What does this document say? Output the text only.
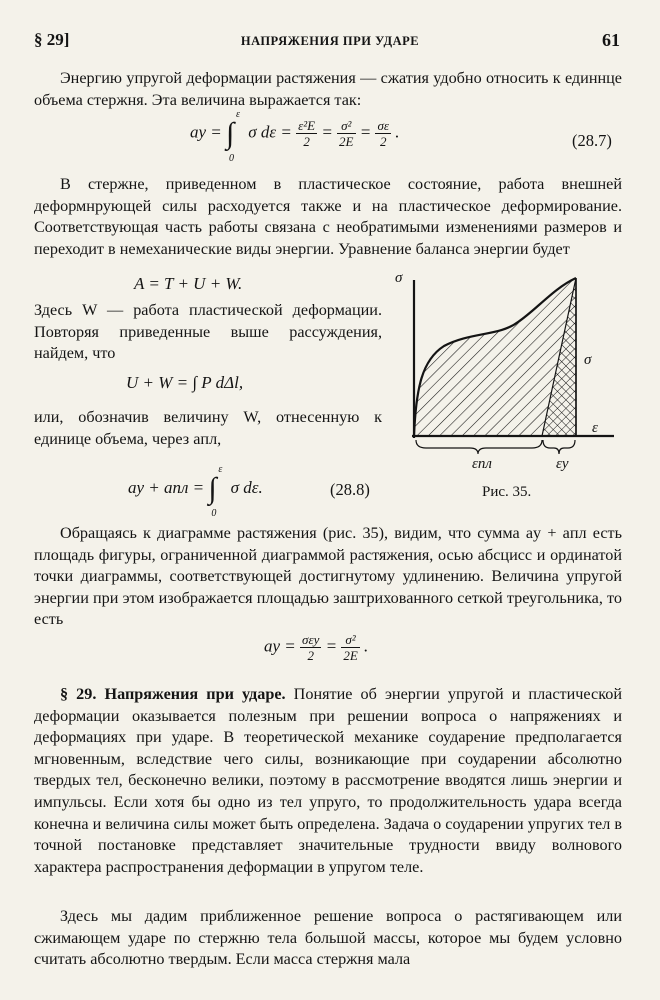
§ 29]	НАПРЯЖЕНИЯ ПРИ УДАРЕ	61

Энергию упругой деформации растяжения — сжатия удобно относить к единнце объема стержня. Эта величина выражается так:

aу = ∫
ε
0
σ $d\varepsilon = \frac{\text{ε²E}}{2} = \frac{\text{σ²}}{2E} = \frac{\sigma\varepsilon}{2}$ .	(28.7)

В стержне, приведенном в пластическое состояние, работа внешней деформнрующей силы расходуется также и на пластическое деформирование. Соответствующая часть работы связана с необратимыми изменениями размеров и переходит в немеханические виды энергии. Уравнение баланса энергии будет

A = T + U + W.

Здесь W — работа пластической деформации. Повторяя приведенные выше рассуждения, найдем, что

U + W = ∫ P dΔl,

или, обозначив величину W, отнесенную к единице объема, через aпл,

aу + aпл = ∫
ε
0
σ dε.	(28.8)
σ
ε
σ
εпл	εу
Рис. 35.

Обращаясь к диаграмме растяжения (рис. 35), видим, что сумма aу + aпл есть площадь фигуры, ограниченной диаграммой растяжения, осью абсцисс и ординатой точки диаграммы, соответствующей достигнутому удлинению. Величина упругой энергии при этом изображается площадью заштрихованного сеткой треугольника, то есть

aу = $\frac{\text{σεу}}{2} = \frac{\text{σ²}}{2E}$ .

§ 29. Напряжения при ударе. Понятие об энергии упругой и пластической деформации оказывается полезным при решении вопроса о напряжениях и деформациях при ударе. В теоретической механике соударение предполагается мгновенным, вследствие чего силы, возникающие при соударении абсолютно твердых тел, бесконечно велики, поэтому в рассмотрение вводятся лишь энергии и импульсы. Если хотя бы одно из тел упруго, то продолжительность удара всегда конечна и величина силы может быть определена. Задача о соударении упругих тел в точной постановке представляет значительные трудности ввиду волнового характера распространения деформации в упругом теле.

Здесь мы дадим приближенное решение вопроса о растягивающем или сжимающем ударе по стержню тела большой массы, которое мы будем условно считать абсолютно твердым. Если масса стержня мала
